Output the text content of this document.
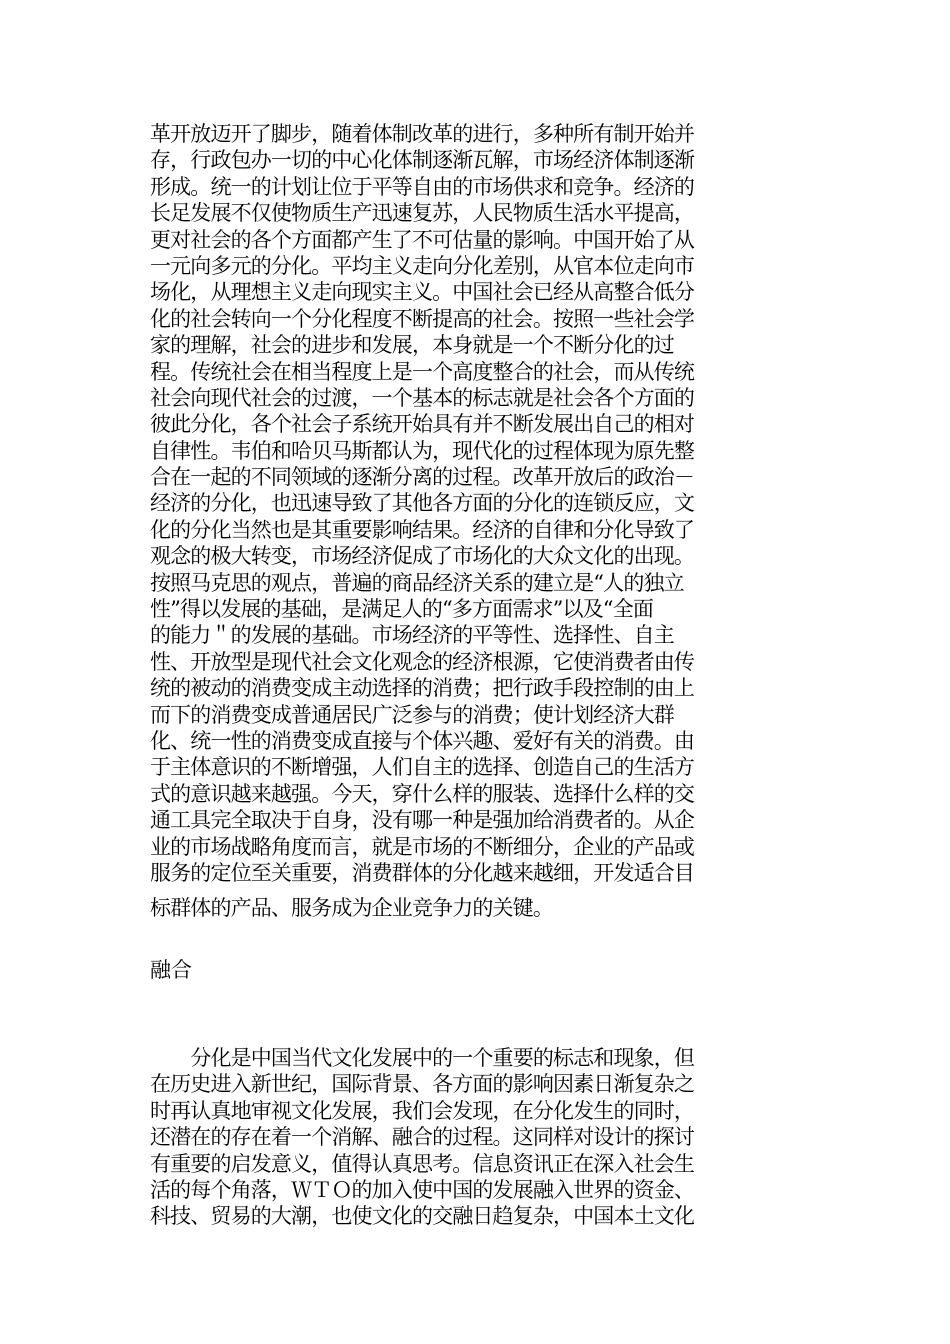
革开放迈开了脚步，随着体制改革的进行，多种所有制开始并
存，行政包办一切的中心化体制逐渐瓦解，市场经济体制逐渐
形成。统一的计划让位于平等自由的市场供求和竞争。经济的
长足发展不仅使物质生产迅速复苏，人民物质生活水平提高，
更对社会的各个方面都产生了不可估量的影响。中国开始了从
一元向多元的分化。平均主义走向分化差别，从官本位走向市
场化，从理想主义走向现实主义。中国社会已经从高整合低分
化的社会转向一个分化程度不断提高的社会。按照一些社会学
家的理解，社会的进步和发展，本身就是一个不断分化的过
程。传统社会在相当程度上是一个高度整合的社会，而从传统
社会向现代社会的过渡，一个基本的标志就是社会各个方面的
彼此分化，各个社会子系统开始具有并不断发展出自己的相对
自律性。韦伯和哈贝马斯都认为，现代化的过程体现为原先整
合在一起的不同领域的逐渐分离的过程。改革开放后的政治－
经济的分化，也迅速导致了其他各方面的分化的连锁反应，文
化的分化当然也是其重要影响结果。经济的自律和分化导致了
观念的极大转变，市场经济促成了市场化的大众文化的出现。
按照马克思的观点，普遍的商品经济关系的建立是“人的独立
性”得以发展的基础，是满足人的“多方面需求”以及“全面
的能力＂的发展的基础。市场经济的平等性、选择性、自主
性、开放型是现代社会文化观念的经济根源，它使消费者由传
统的被动的消费变成主动选择的消费；把行政手段控制的由上
而下的消费变成普通居民广泛参与的消费；使计划经济大群
化、统一性的消费变成直接与个体兴趣、爱好有关的消费。由
于主体意识的不断增强，人们自主的选择、创造自己的生活方
式的意识越来越强。今天，穿什么样的服装、选择什么样的交
通工具完全取决于自身，没有哪一种是强加给消费者的。从企
业的市场战略角度而言，就是市场的不断细分，企业的产品或
服务的定位至关重要，消费群体的分化越来越细，开发适合目
标群体的产品、服务成为企业竞争力的关键。
融合
　　分化是中国当代文化发展中的一个重要的标志和现象，但
在历史进入新世纪，国际背景、各方面的影响因素日渐复杂之
时再认真地审视文化发展，我们会发现，在分化发生的同时，
还潜在的存在着一个消解、融合的过程。这同样对设计的探讨
有重要的启发意义，值得认真思考。信息资讯正在深入社会生
活的每个角落，ＷＴＯ的加入使中国的发展融入世界的资金、
科技、贸易的大潮，也使文化的交融日趋复杂，中国本土文化
